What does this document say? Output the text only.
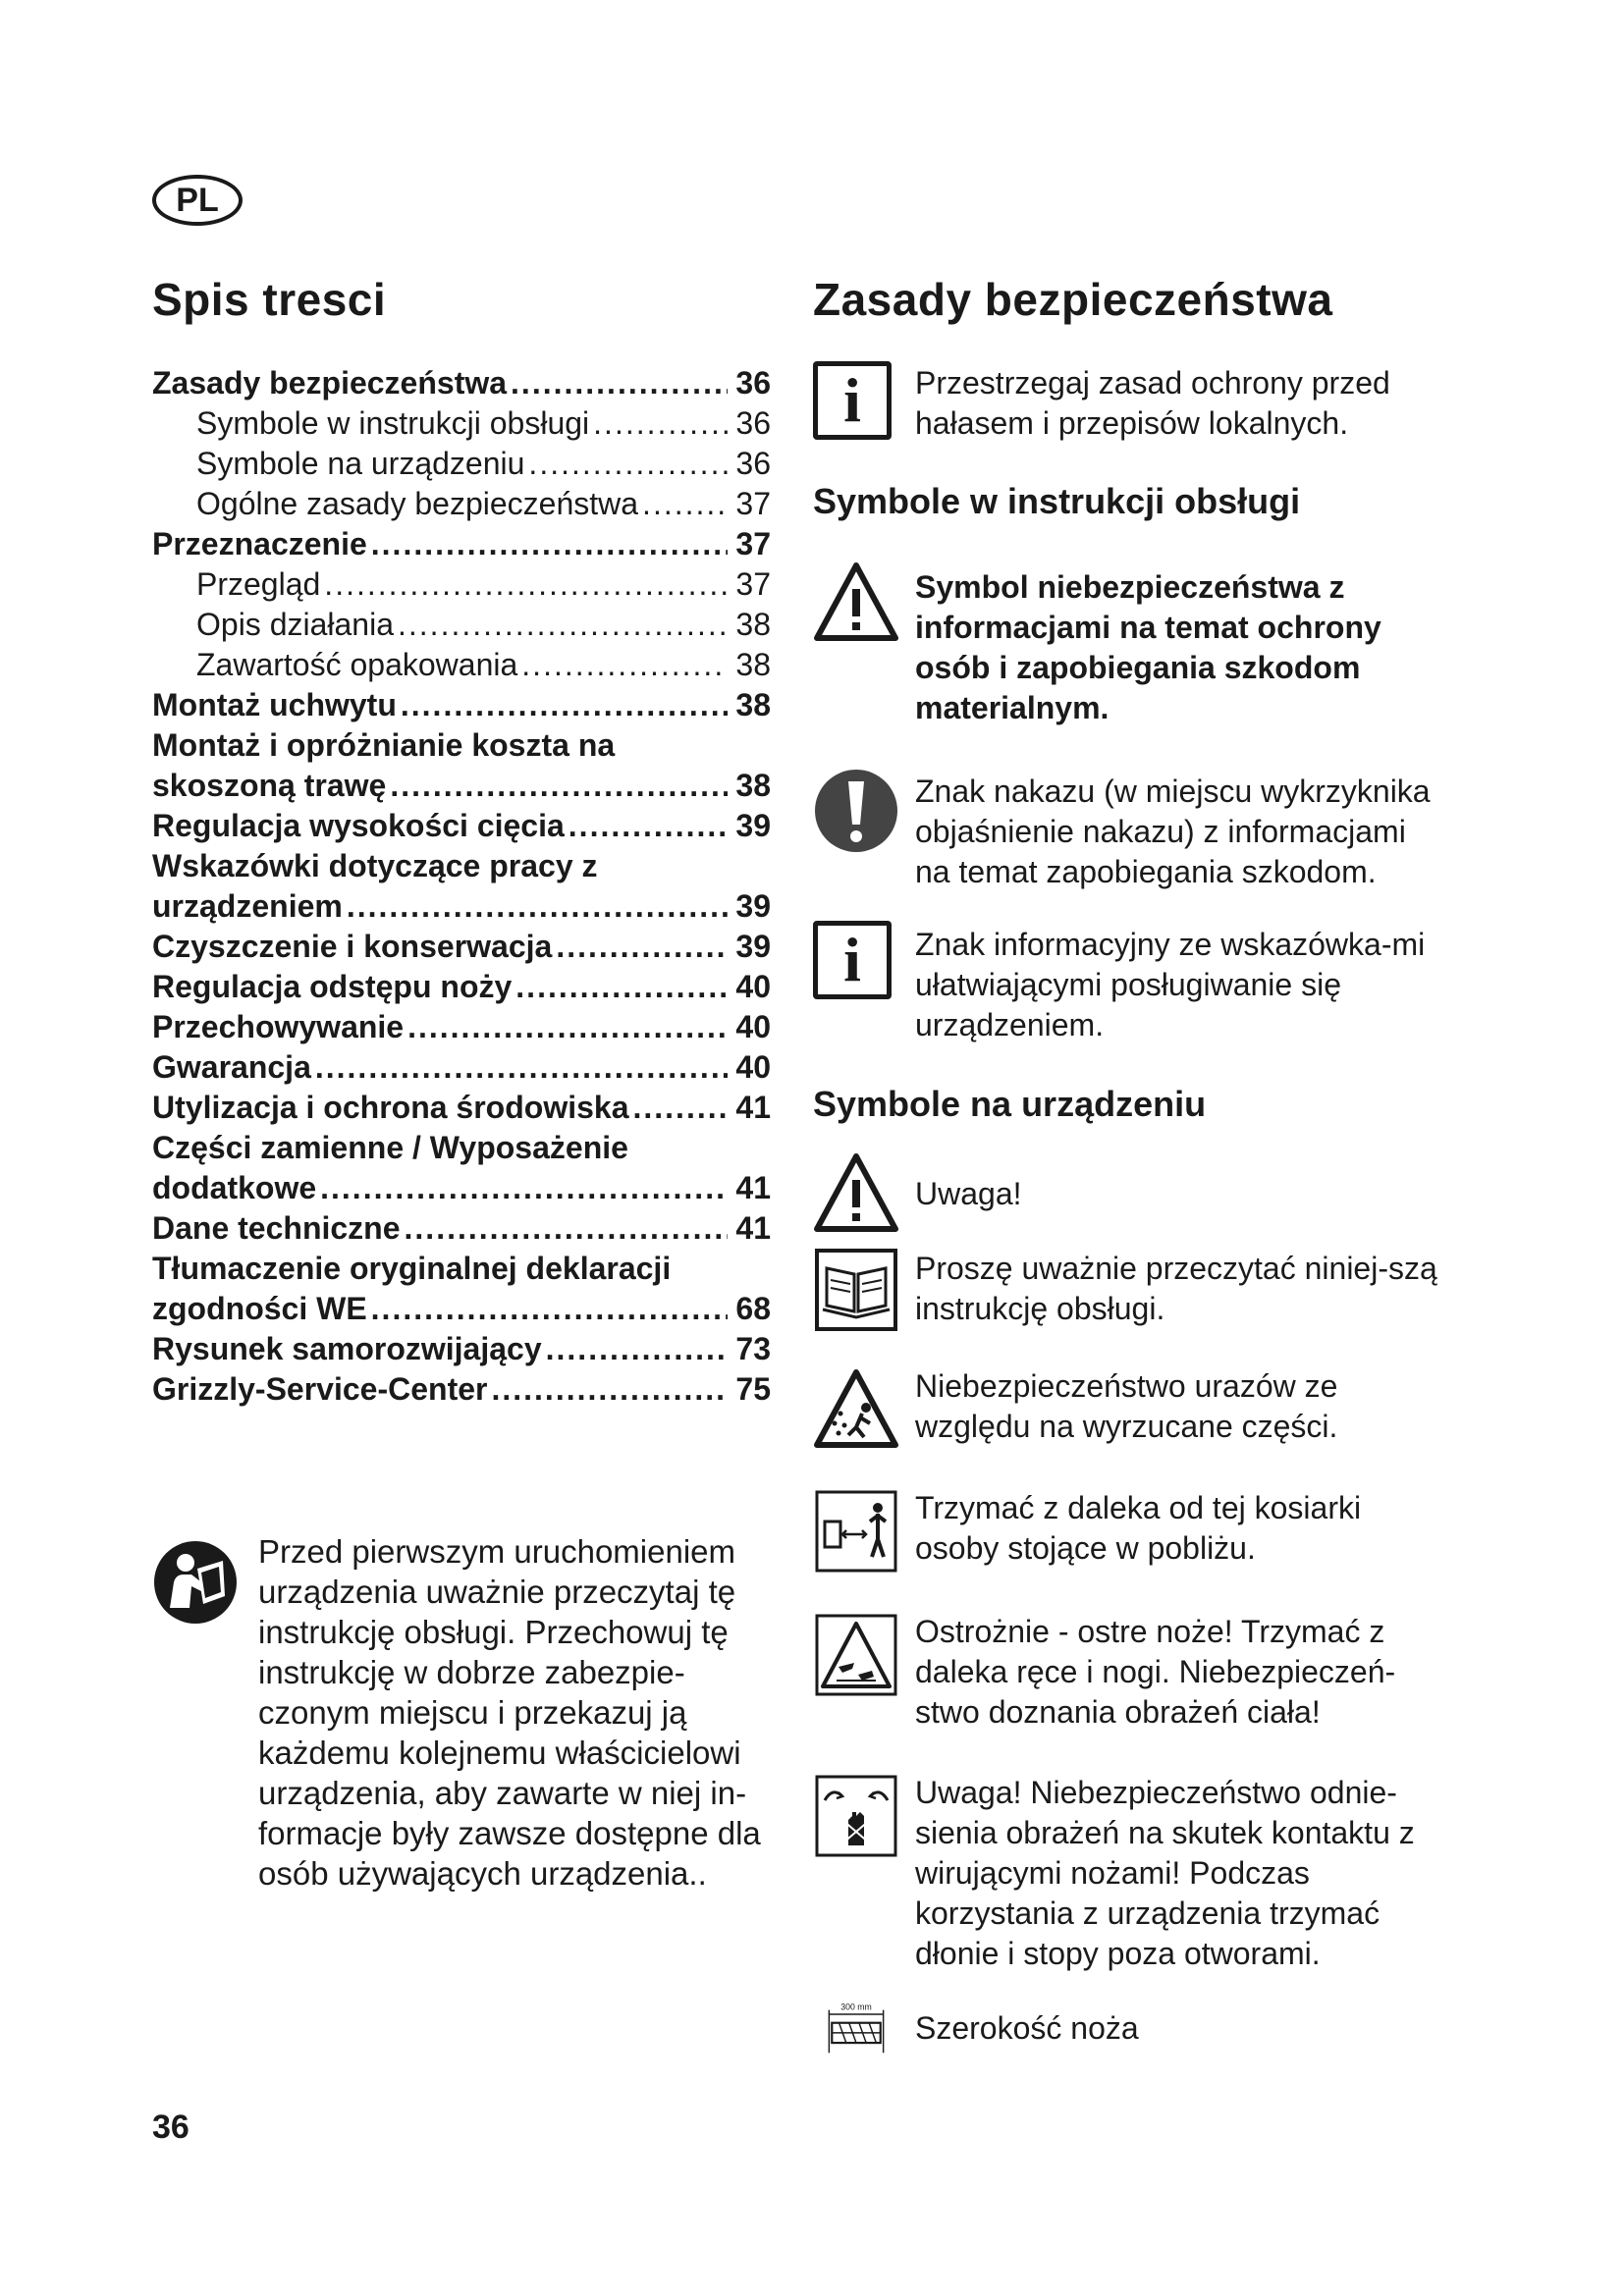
PL
Spis tresci
Zasady bezpieczeństwa .....	36
Symbole w instrukcji obsługi .....	36
Symbole na urządzeniu .....	36
Ogólne zasady bezpieczeństwa .....	37
Przeznaczenie .....	37
Przegląd .....	37
Opis działania .....	38
Zawartość opakowania .....	38
Montaż uchwytu .....	38
Montaż i opróżnianie koszta na
skoszoną trawę .....	38
Regulacja wysokości cięcia .....	39
Wskazówki dotyczące pracy z
urządzeniem .....	39
Czyszczenie i konserwacja .....	39
Regulacja odstępu noży .....	40
Przechowywanie .....	40
Gwarancja .....	40
Utylizacja i ochrona środowiska .....	41
Części zamienne / Wyposażenie
dodatkowe .....	41
Dane techniczne .....	41
Tłumaczenie oryginalnej deklaracji
zgodności WE .....	68
Rysunek samorozwijający .....	73
Grizzly-Service-Center .....	75
Przed pierwszym uruchomieniem urządzenia uważnie przeczytaj tę instrukcję obsługi. Przechowuj tę instrukcję w dobrze zabezpie-czonym miejscu i przekazuj ją każdemu kolejnemu właścicielowi urządzenia, aby zawarte w niej in-formacje były zawsze dostępne dla osób używających urządzenia..
36
Zasady bezpieczeństwa
i	Przestrzegaj zasad ochrony przed hałasem i przepisów lokalnych.
Symbole w instrukcji obsługi
Symbol niebezpieczeństwa z informacjami na temat ochrony osób i zapobiegania szkodom materialnym.
Znak nakazu (w miejscu wykrzyknika objaśnienie nakazu) z informacjami na temat zapobiegania szkodom.
i	Znak informacyjny ze wskazówka-mi ułatwiającymi posługiwanie się urządzeniem.
Symbole na urządzeniu
Uwaga!
Proszę uważnie przeczytać niniej-szą instrukcję obsługi.
Niebezpieczeństwo urazów ze względu na wyrzucane części.
Trzymać z daleka od tej kosiarki osoby stojące w pobliżu.
Ostrożnie - ostre noże! Trzymać z daleka ręce i nogi. Niebezpieczeń-stwo doznania obrażeń ciała!
Uwaga! Niebezpieczeństwo odnie-sienia obrażeń na skutek kontaktu z wirującymi nożami! Podczas korzystania z urządzenia trzymać dłonie i stopy poza otworami.
300 mm
Szerokość noża
